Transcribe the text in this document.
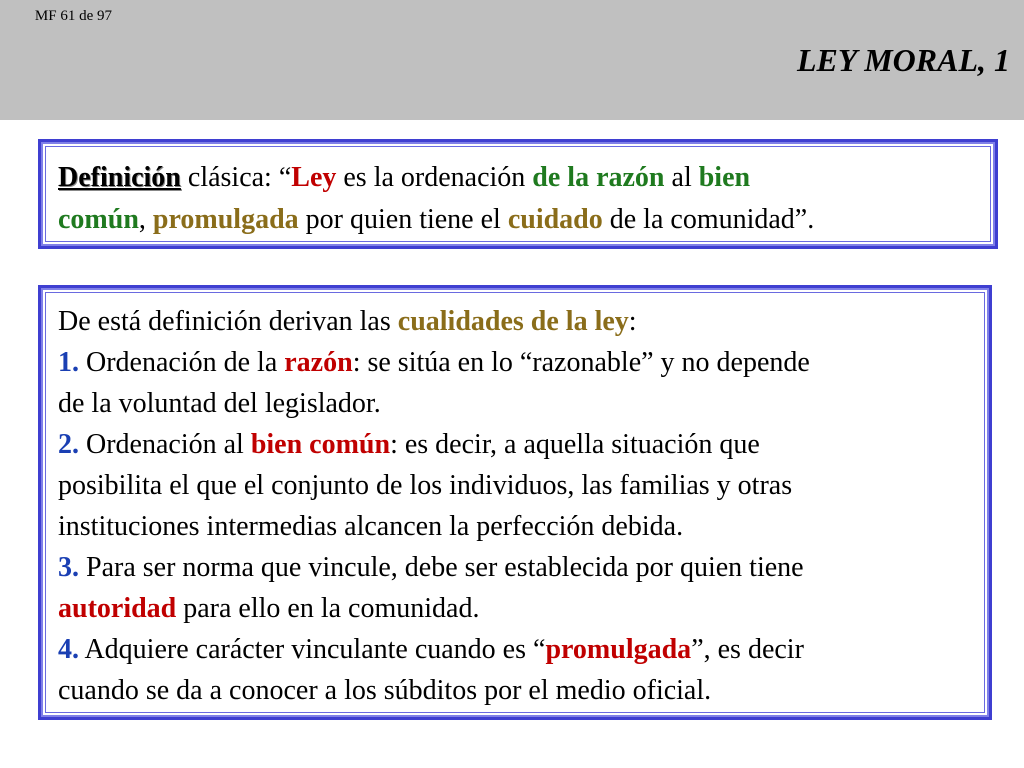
MF 61 de 97
LEY MORAL, 1
Definición clásica: “Ley es la ordenación de la razón al bien
común, promulgada por quien tiene el cuidado de la comunidad”.
De está definición derivan las cualidades de la ley:
1. Ordenación de la razón: se sitúa en lo “razonable” y no depende
de la voluntad del legislador.
2. Ordenación al bien común: es decir, a aquella situación que
posibilita el que el conjunto de los individuos, las familias y otras
instituciones intermedias alcancen la perfección debida.
3. Para ser norma que vincule, debe ser establecida por quien tiene
autoridad para ello en la comunidad.
4. Adquiere carácter vinculante cuando es “promulgada”, es decir
cuando se da a conocer a los súbditos por el medio oficial.
